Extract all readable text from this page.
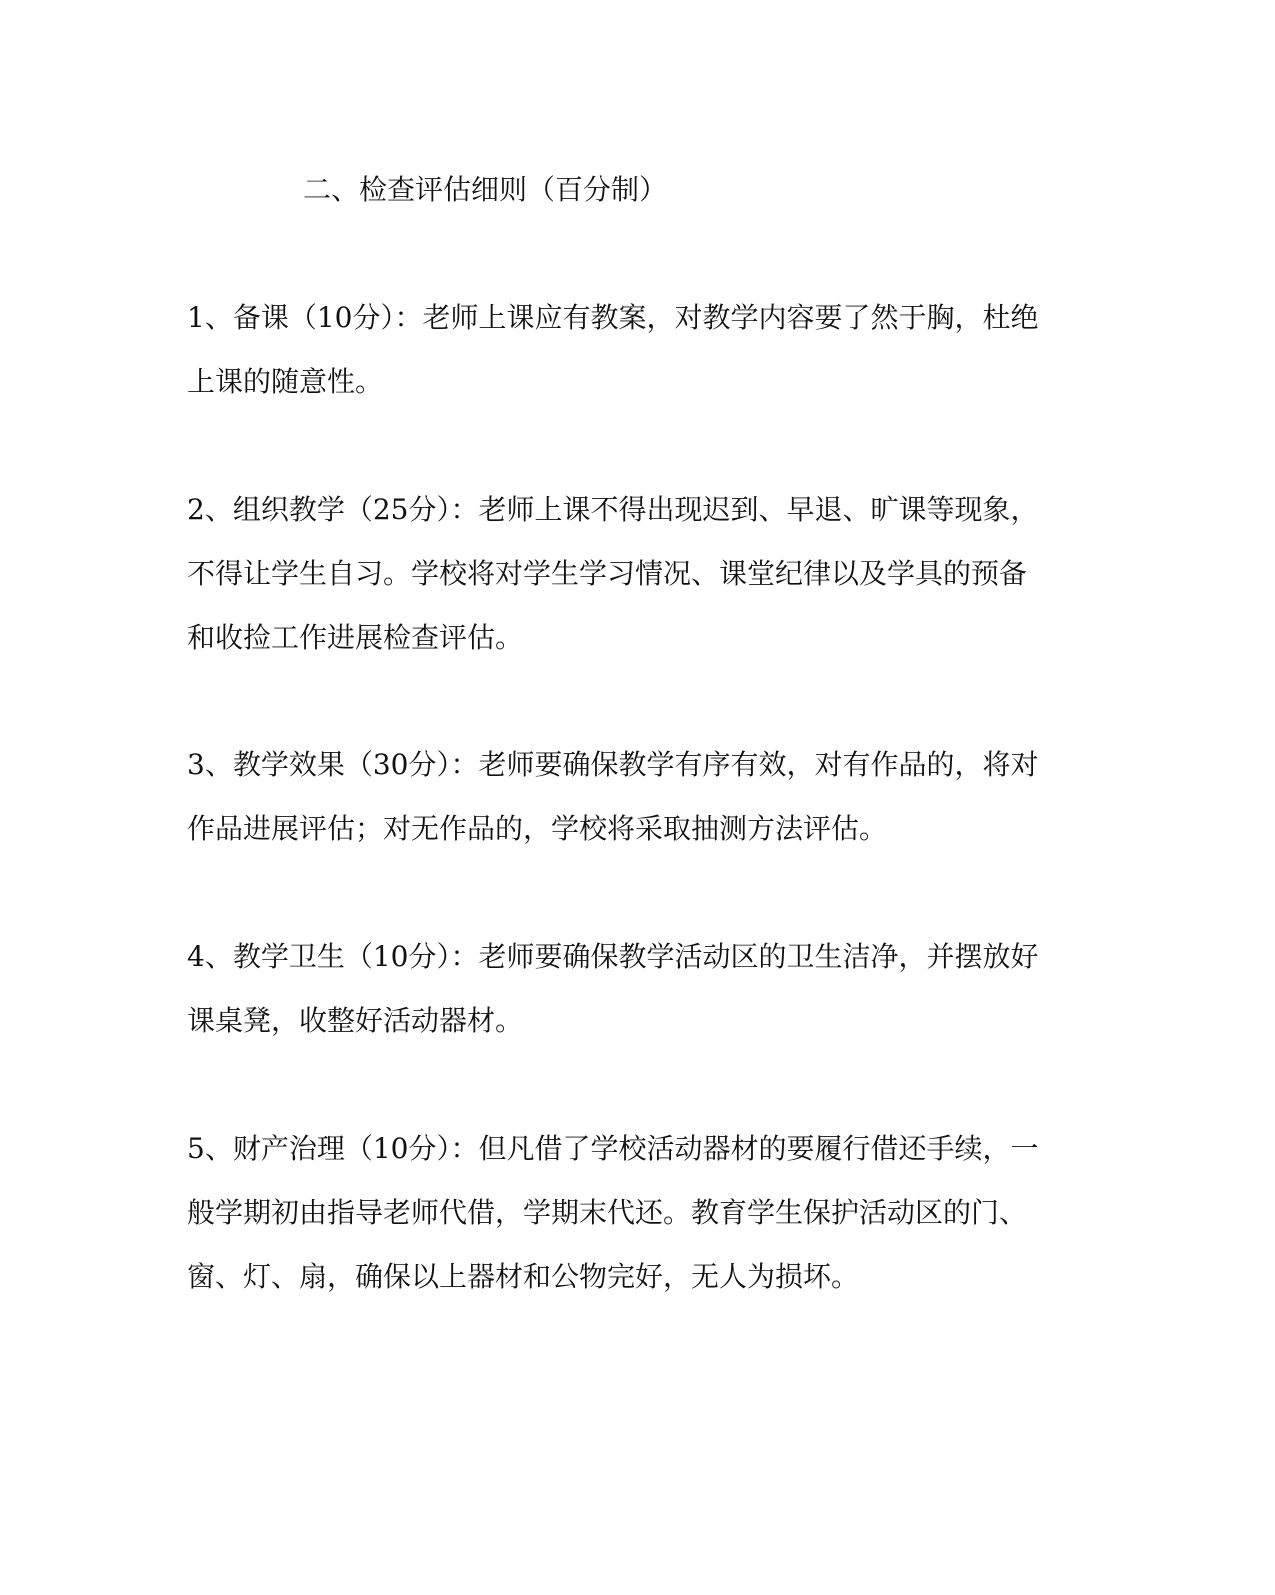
二、检查评估细则（百分制）
1、备课（10分）：老师上课应有教案，对教学内容要了然于胸，杜绝
上课的随意性。
2、组织教学（25分）：老师上课不得出现迟到、早退、旷课等现象，
不得让学生自习。学校将对学生学习情况、课堂纪律以及学具的预备
和收捡工作进展检查评估。
3、教学效果（30分）：老师要确保教学有序有效，对有作品的，将对
作品进展评估；对无作品的，学校将采取抽测方法评估。
4、教学卫生（10分）：老师要确保教学活动区的卫生洁净，并摆放好
课桌凳，收整好活动器材。
5、财产治理（10分）：但凡借了学校活动器材的要履行借还手续，一
般学期初由指导老师代借，学期末代还。教育学生保护活动区的门、
窗、灯、扇，确保以上器材和公物完好，无人为损坏。
